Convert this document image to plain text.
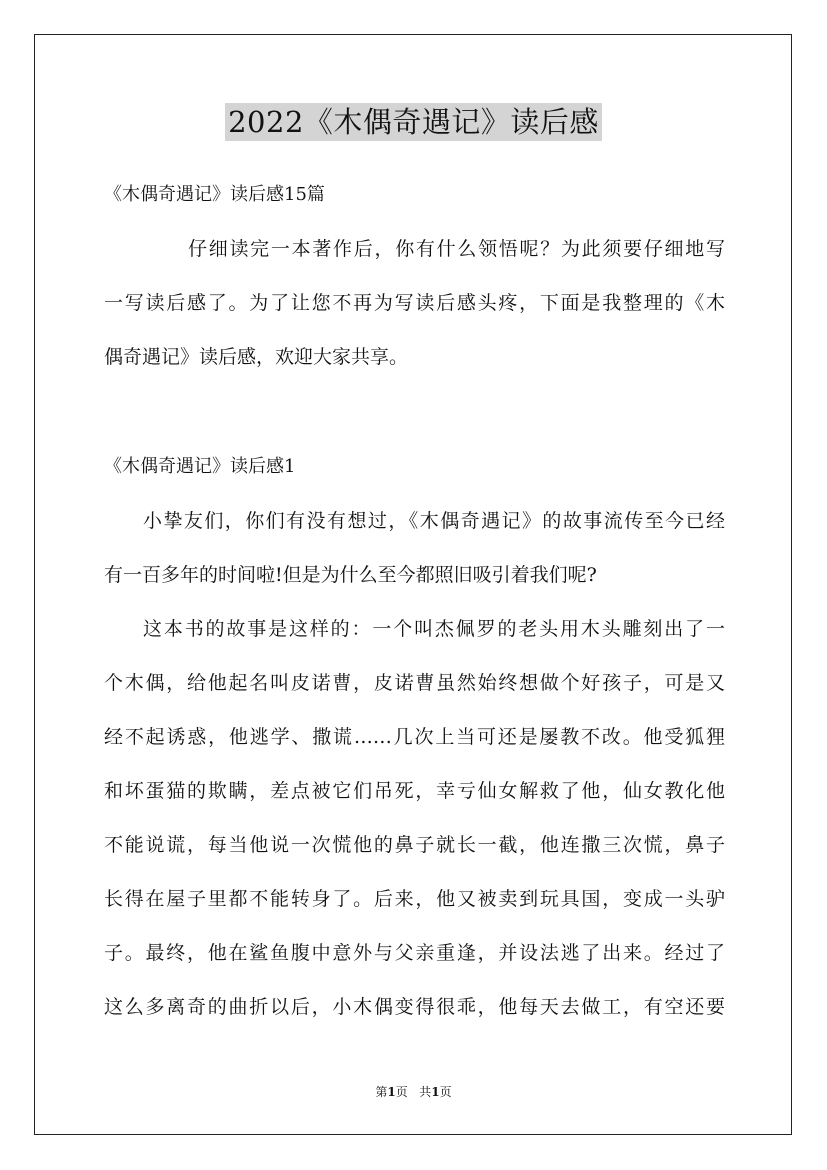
2022《木偶奇遇记》读后感
《木偶奇遇记》读后感15篇
仔细读完一本著作后，你有什么领悟呢？为此须要仔细地写
一写读后感了。为了让您不再为写读后感头疼，下面是我整理的《木
偶奇遇记》读后感，欢迎大家共享。
《木偶奇遇记》读后感1
小挚友们，你们有没有想过，《木偶奇遇记》的故事流传至今已经
有一百多年的时间啦!但是为什么至今都照旧吸引着我们呢?
这本书的故事是这样的：一个叫杰佩罗的老头用木头雕刻出了一
个木偶，给他起名叫皮诺曹，皮诺曹虽然始终想做个好孩子，可是又
经不起诱惑，他逃学、撒谎……几次上当可还是屡教不改。他受狐狸
和坏蛋猫的欺瞒，差点被它们吊死，幸亏仙女解救了他，仙女教化他
不能说谎，每当他说一次慌他的鼻子就长一截，他连撒三次慌，鼻子
长得在屋子里都不能转身了。后来，他又被卖到玩具国，变成一头驴
子。最终，他在鲨鱼腹中意外与父亲重逢，并设法逃了出来。经过了
这么多离奇的曲折以后，小木偶变得很乖，他每天去做工，有空还要
第1页 共1页
